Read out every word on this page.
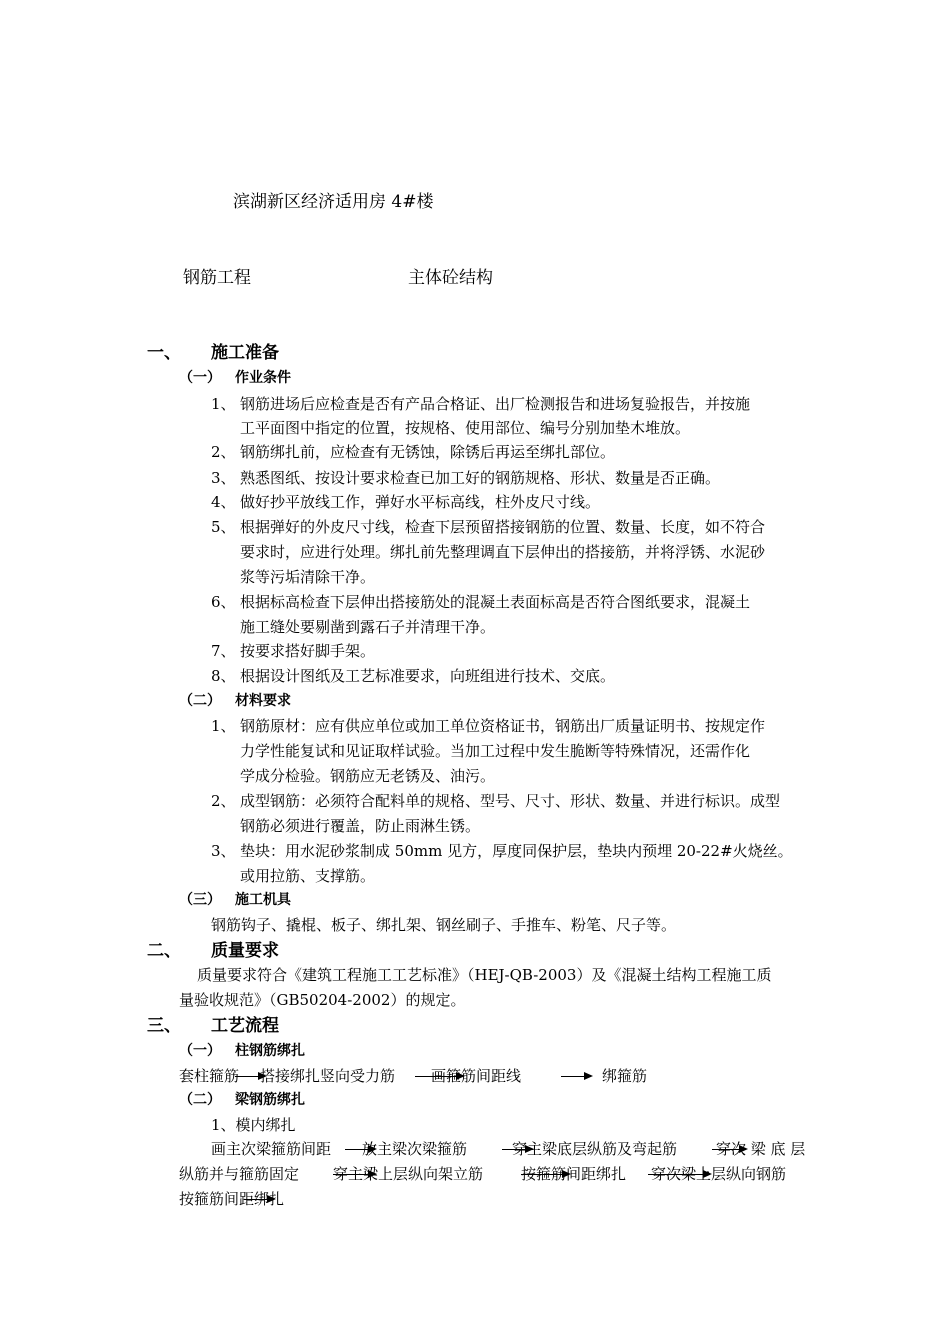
滨湖新区经济适用房 4#楼
钢筋工程	主体砼结构
一、 施工准备
（一） 作业条件
1、 钢筋进场后应检查是否有产品合格证、出厂检测报告和进场复验报告，并按施
工平面图中指定的位置，按规格、使用部位、编号分别加垫木堆放。
2、 钢筋绑扎前，应检查有无锈蚀，除锈后再运至绑扎部位。
3、 熟悉图纸、按设计要求检查已加工好的钢筋规格、形状、数量是否正确。
4、 做好抄平放线工作，弹好水平标高线，柱外皮尺寸线。
5、 根据弹好的外皮尺寸线，检查下层预留搭接钢筋的位置、数量、长度，如不符合
要求时，应进行处理。绑扎前先整理调直下层伸出的搭接筋，并将浮锈、水泥砂
浆等污垢清除干净。
6、 根据标高检查下层伸出搭接筋处的混凝土表面标高是否符合图纸要求，混凝土
施工缝处要剔凿到露石子并清理干净。
7、 按要求搭好脚手架。
8、 根据设计图纸及工艺标准要求，向班组进行技术、交底。
（二） 材料要求
1、 钢筋原材：应有供应单位或加工单位资格证书，钢筋出厂质量证明书、按规定作
力学性能复试和见证取样试验。当加工过程中发生脆断等特殊情况，还需作化
学成分检验。钢筋应无老锈及、油污。
2、 成型钢筋：必须符合配料单的规格、型号、尺寸、形状、数量、并进行标识。成型
钢筋必须进行覆盖，防止雨淋生锈。
3、 垫块：用水泥砂浆制成 50mm 见方，厚度同保护层，垫块内预埋 20-22#火烧丝。
或用拉筋、支撑筋。
（三） 施工机具
钢筋钩子、撬棍、板子、绑扎架、钢丝刷子、手推车、粉笔、尺子等。
二、 质量要求
质量要求符合《建筑工程施工工艺标准》（HEJ-QB-2003）及《混凝土结构工程施工质
量验收规范》（GB50204-2002）的规定。
三、 工艺流程
（一） 柱钢筋绑扎
套柱箍筋 搭接绑扎竖向受力筋 画箍筋间距线	绑箍筋
（二） 梁钢筋绑扎
1、模内绑扎
画主次梁箍筋间距 放主梁次梁箍筋	穿主梁底层纵筋及弯起筋	穿次 梁 底 层
纵筋并与箍筋固定 穿主梁上层纵向架立筋	按箍筋间距绑扎 穿次梁上层纵向钢筋
按箍筋间距绑扎
